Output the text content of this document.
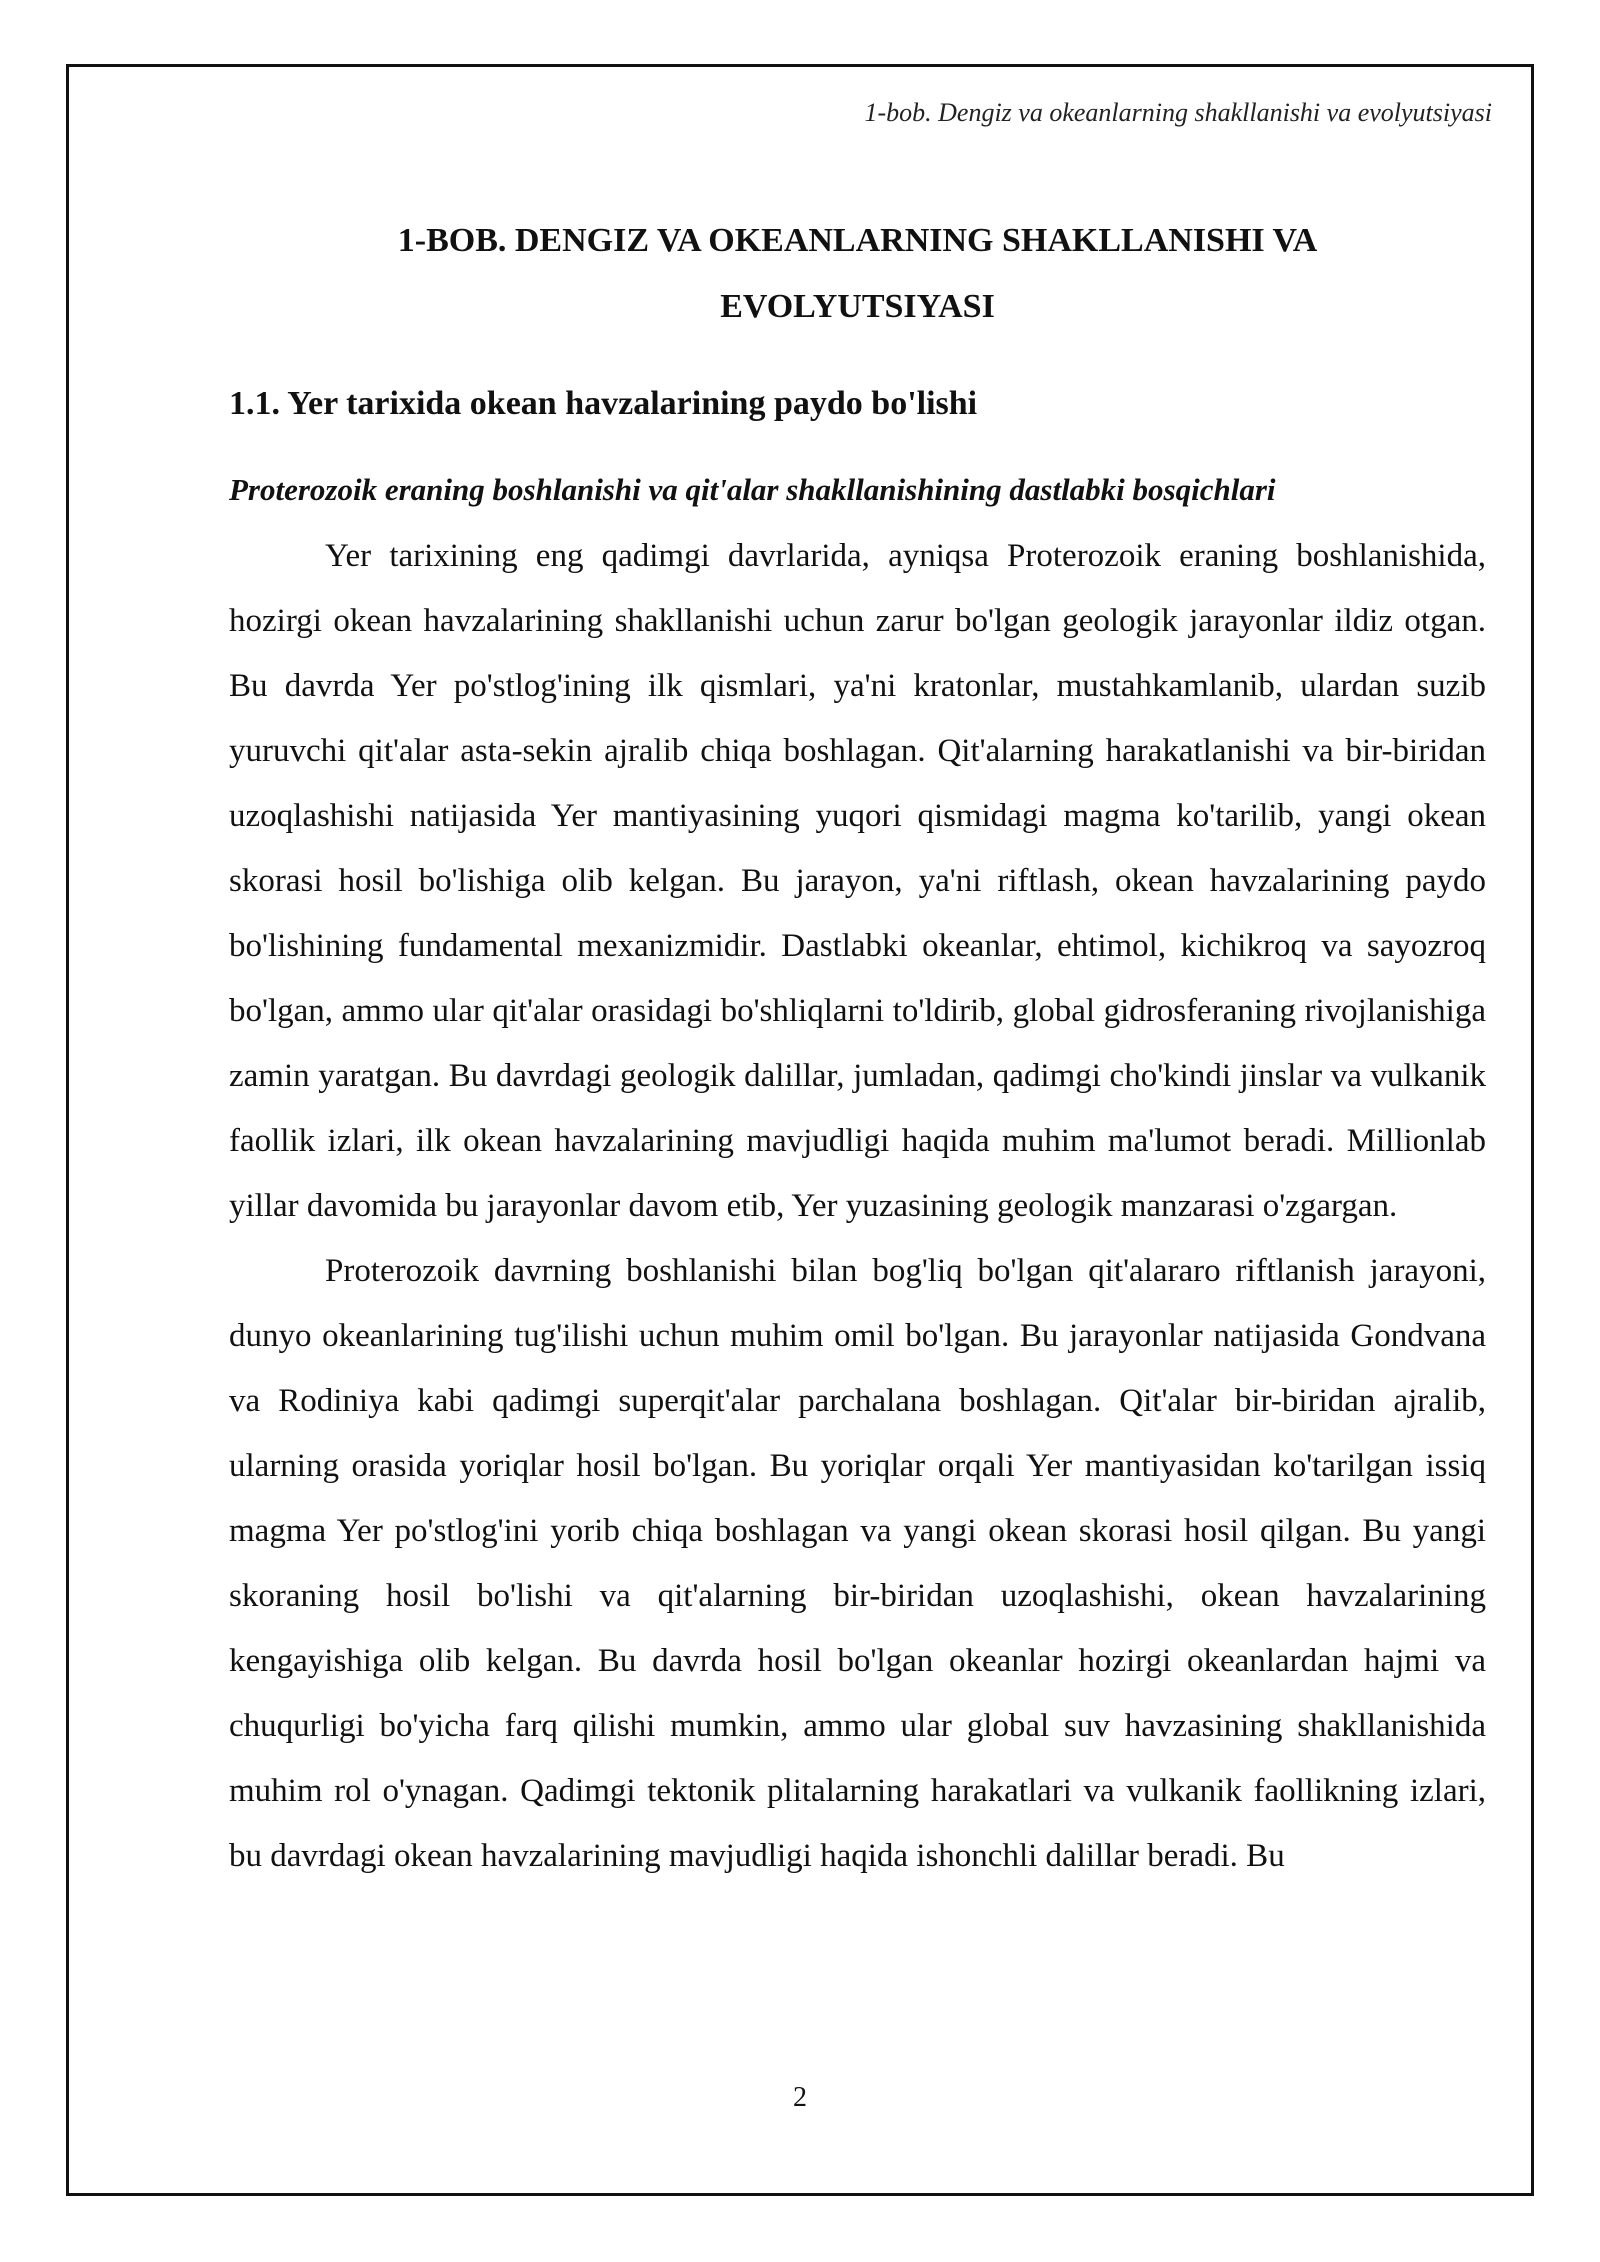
1-bob. Dengiz va okeanlarning shakllanishi va evolyutsiyasi
1-BOB. DENGIZ VA OKEANLARNING SHAKLLANISHI VA EVOLYUTSIYASI
1.1. Yer tarixida okean havzalarining paydo bo'lishi
Proterozoik eraning boshlanishi va qit'alar shakllanishining dastlabki bosqichlari

Yer tarixining eng qadimgi davrlarida, ayniqsa Proterozoik eraning boshlanishida, hozirgi okean havzalarining shakllanishi uchun zarur bo'lgan geologik jarayonlar ildiz otgan. Bu davrda Yer po'stlog'ining ilk qismlari, ya'ni kratonlar, mustahkamlanib, ulardan suzib yuruvchi qit'alar asta-sekin ajralib chiqa boshlagan. Qit'alarning harakatlanishi va bir-biridan uzoqlashishi natijasida Yer mantiyasining yuqori qismidagi magma ko'tarilib, yangi okean skorasi hosil bo'lishiga olib kelgan. Bu jarayon, ya'ni riftlash, okean havzalarining paydo bo'lishining fundamental mexanizmidir. Dastlabki okeanlar, ehtimol, kichikroq va sayozroq bo'lgan, ammo ular qit'alar orasidagi bo'shliqlarni to'ldirib, global gidrosferaning rivojlanishiga zamin yaratgan. Bu davrdagi geologik dalillar, jumladan, qadimgi cho'kindi jinslar va vulkanik faollik izlari, ilk okean havzalarining mavjudligi haqida muhim ma'lumot beradi. Millionlab yillar davomida bu jarayonlar davom etib, Yer yuzasining geologik manzarasi o'zgargan.

Proterozoik davrning boshlanishi bilan bog'liq bo'lgan qit'alararo riftlanish jarayoni, dunyo okeanlarining tug'ilishi uchun muhim omil bo'lgan. Bu jarayonlar natijasida Gondvana va Rodiniya kabi qadimgi superqit'alar parchalana boshlagan. Qit'alar bir-biridan ajralib, ularning orasida yoriqlar hosil bo'lgan. Bu yoriqlar orqali Yer mantiyasidan ko'tarilgan issiq magma Yer po'stlog'ini yorib chiqa boshlagan va yangi okean skorasi hosil qilgan. Bu yangi skoraning hosil bo'lishi va qit'alarning bir-biridan uzoqlashishi, okean havzalarining kengayishiga olib kelgan. Bu davrda hosil bo'lgan okeanlar hozirgi okeanlardan hajmi va chuqurligi bo'yicha farq qilishi mumkin, ammo ular global suv havzasining shakllanishida muhim rol o'ynagan. Qadimgi tektonik plitalarning harakatlari va vulkanik faollikning izlari, bu davrdagi okean havzalarining mavjudligi haqida ishonchli dalillar beradi. Bu

2
